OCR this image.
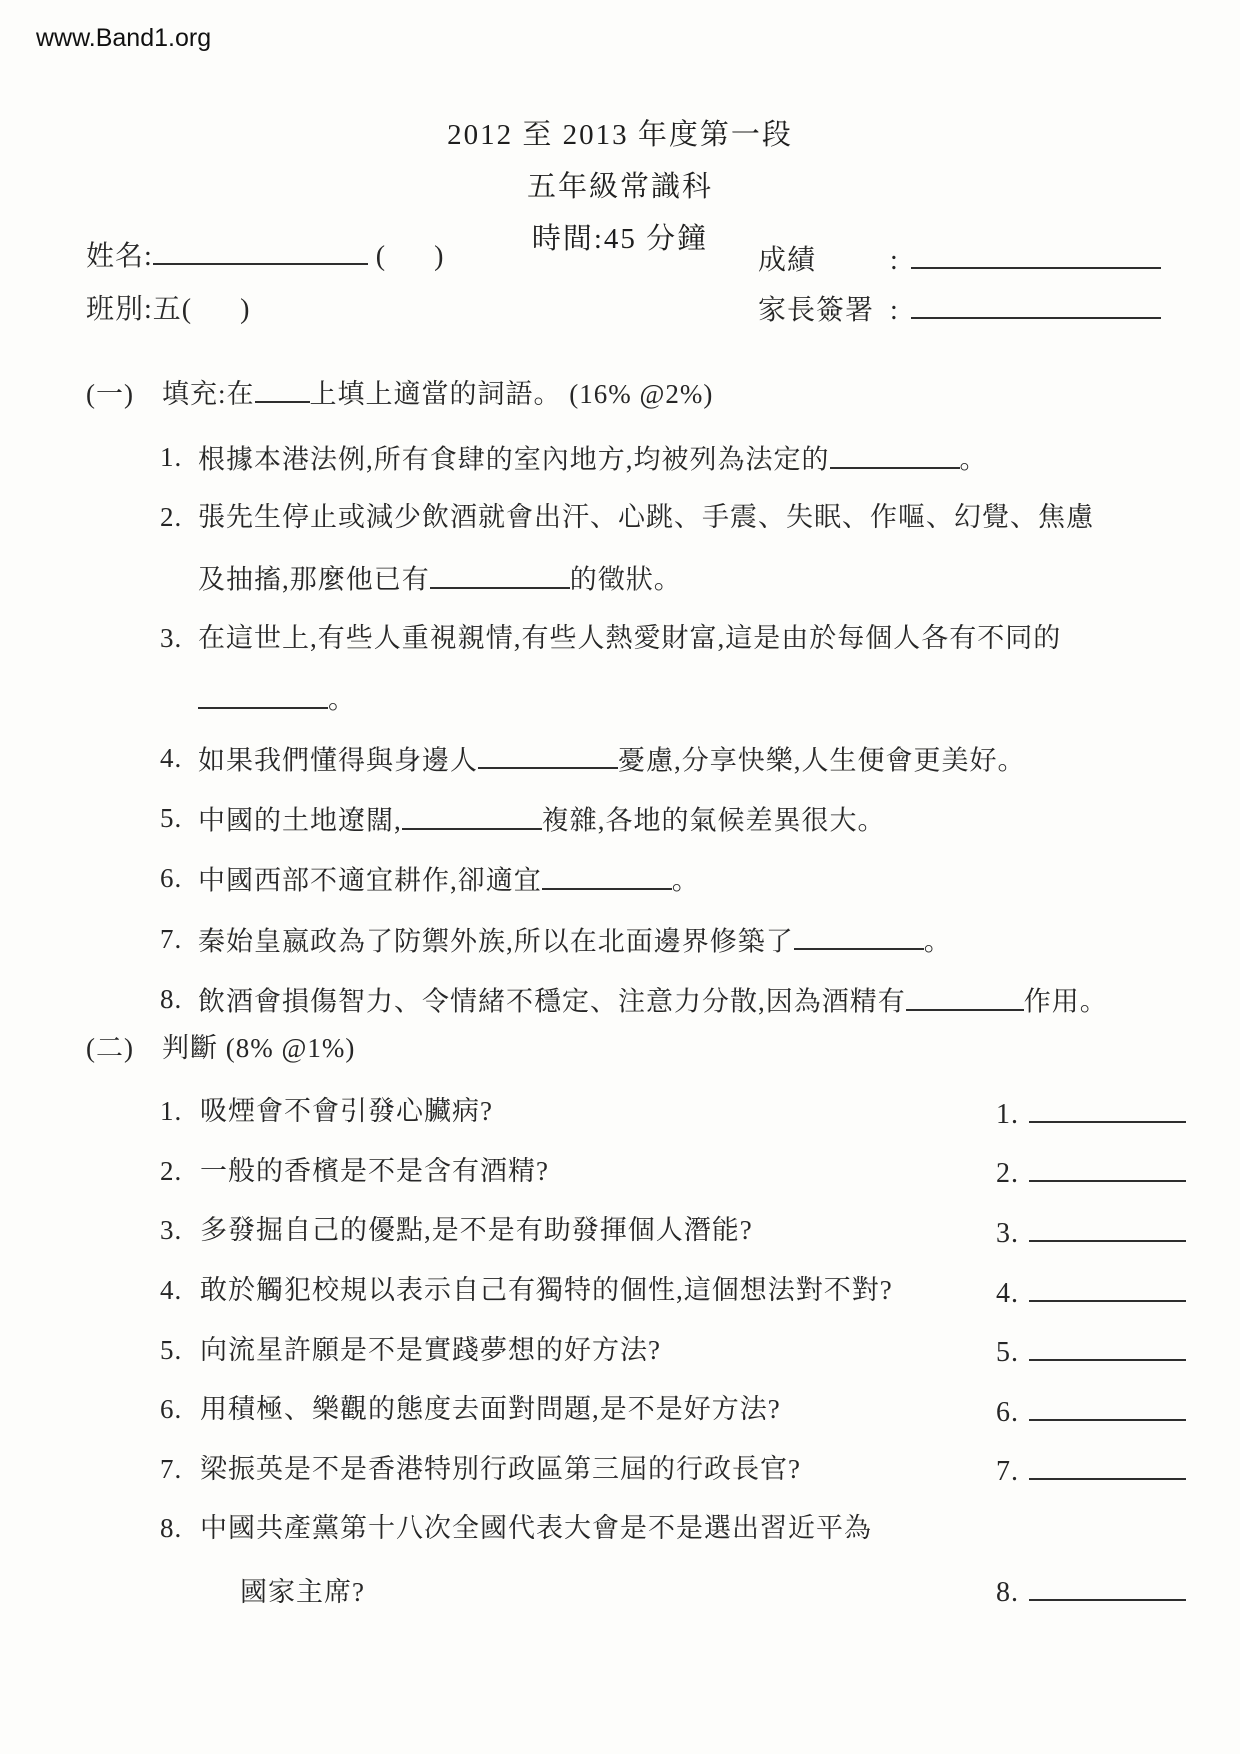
www.Band1.org
2012 至 2013 年度第一段
五年級常識科
時間:45 分鐘
姓名:	(      )
班別:五(      )
成績	:
家長簽署 :
(一)	填充:在 上填上適當的詞語。 (16% @2%)
1. 根據本港法例,所有食肆的室內地方,均被列為法定的	。
2. 張先生停止或減少飲酒就會出汗、心跳、手震、失眠、作嘔、幻覺、焦慮
及抽搐,那麼他已有	的徵狀。
3. 在這世上,有些人重視親情,有些人熱愛財富,這是由於每個人各有不同的
。
4. 如果我們懂得與身邊人	憂慮,分享快樂,人生便會更美好。
5. 中國的土地遼闊,	複雜,各地的氣候差異很大。
6. 中國西部不適宜耕作,卻適宜	。
7. 秦始皇嬴政為了防禦外族,所以在北面邊界修築了	。
8. 飲酒會損傷智力、令情緒不穩定、注意力分散,因為酒精有	作用。
(二)	判斷 (8% @1%)
1. 吸煙會不會引發心臟病?	1.
2. 一般的香檳是不是含有酒精?	2.
3. 多發掘自己的優點,是不是有助發揮個人潛能?	3.
4. 敢於觸犯校規以表示自己有獨特的個性,這個想法對不對?	4.
5. 向流星許願是不是實踐夢想的好方法?	5.
6. 用積極、樂觀的態度去面對問題,是不是好方法?	6.
7. 梁振英是不是香港特別行政區第三屆的行政長官?	7.
8. 中國共產黨第十八次全國代表大會是不是選出習近平為
國家主席?	8.
